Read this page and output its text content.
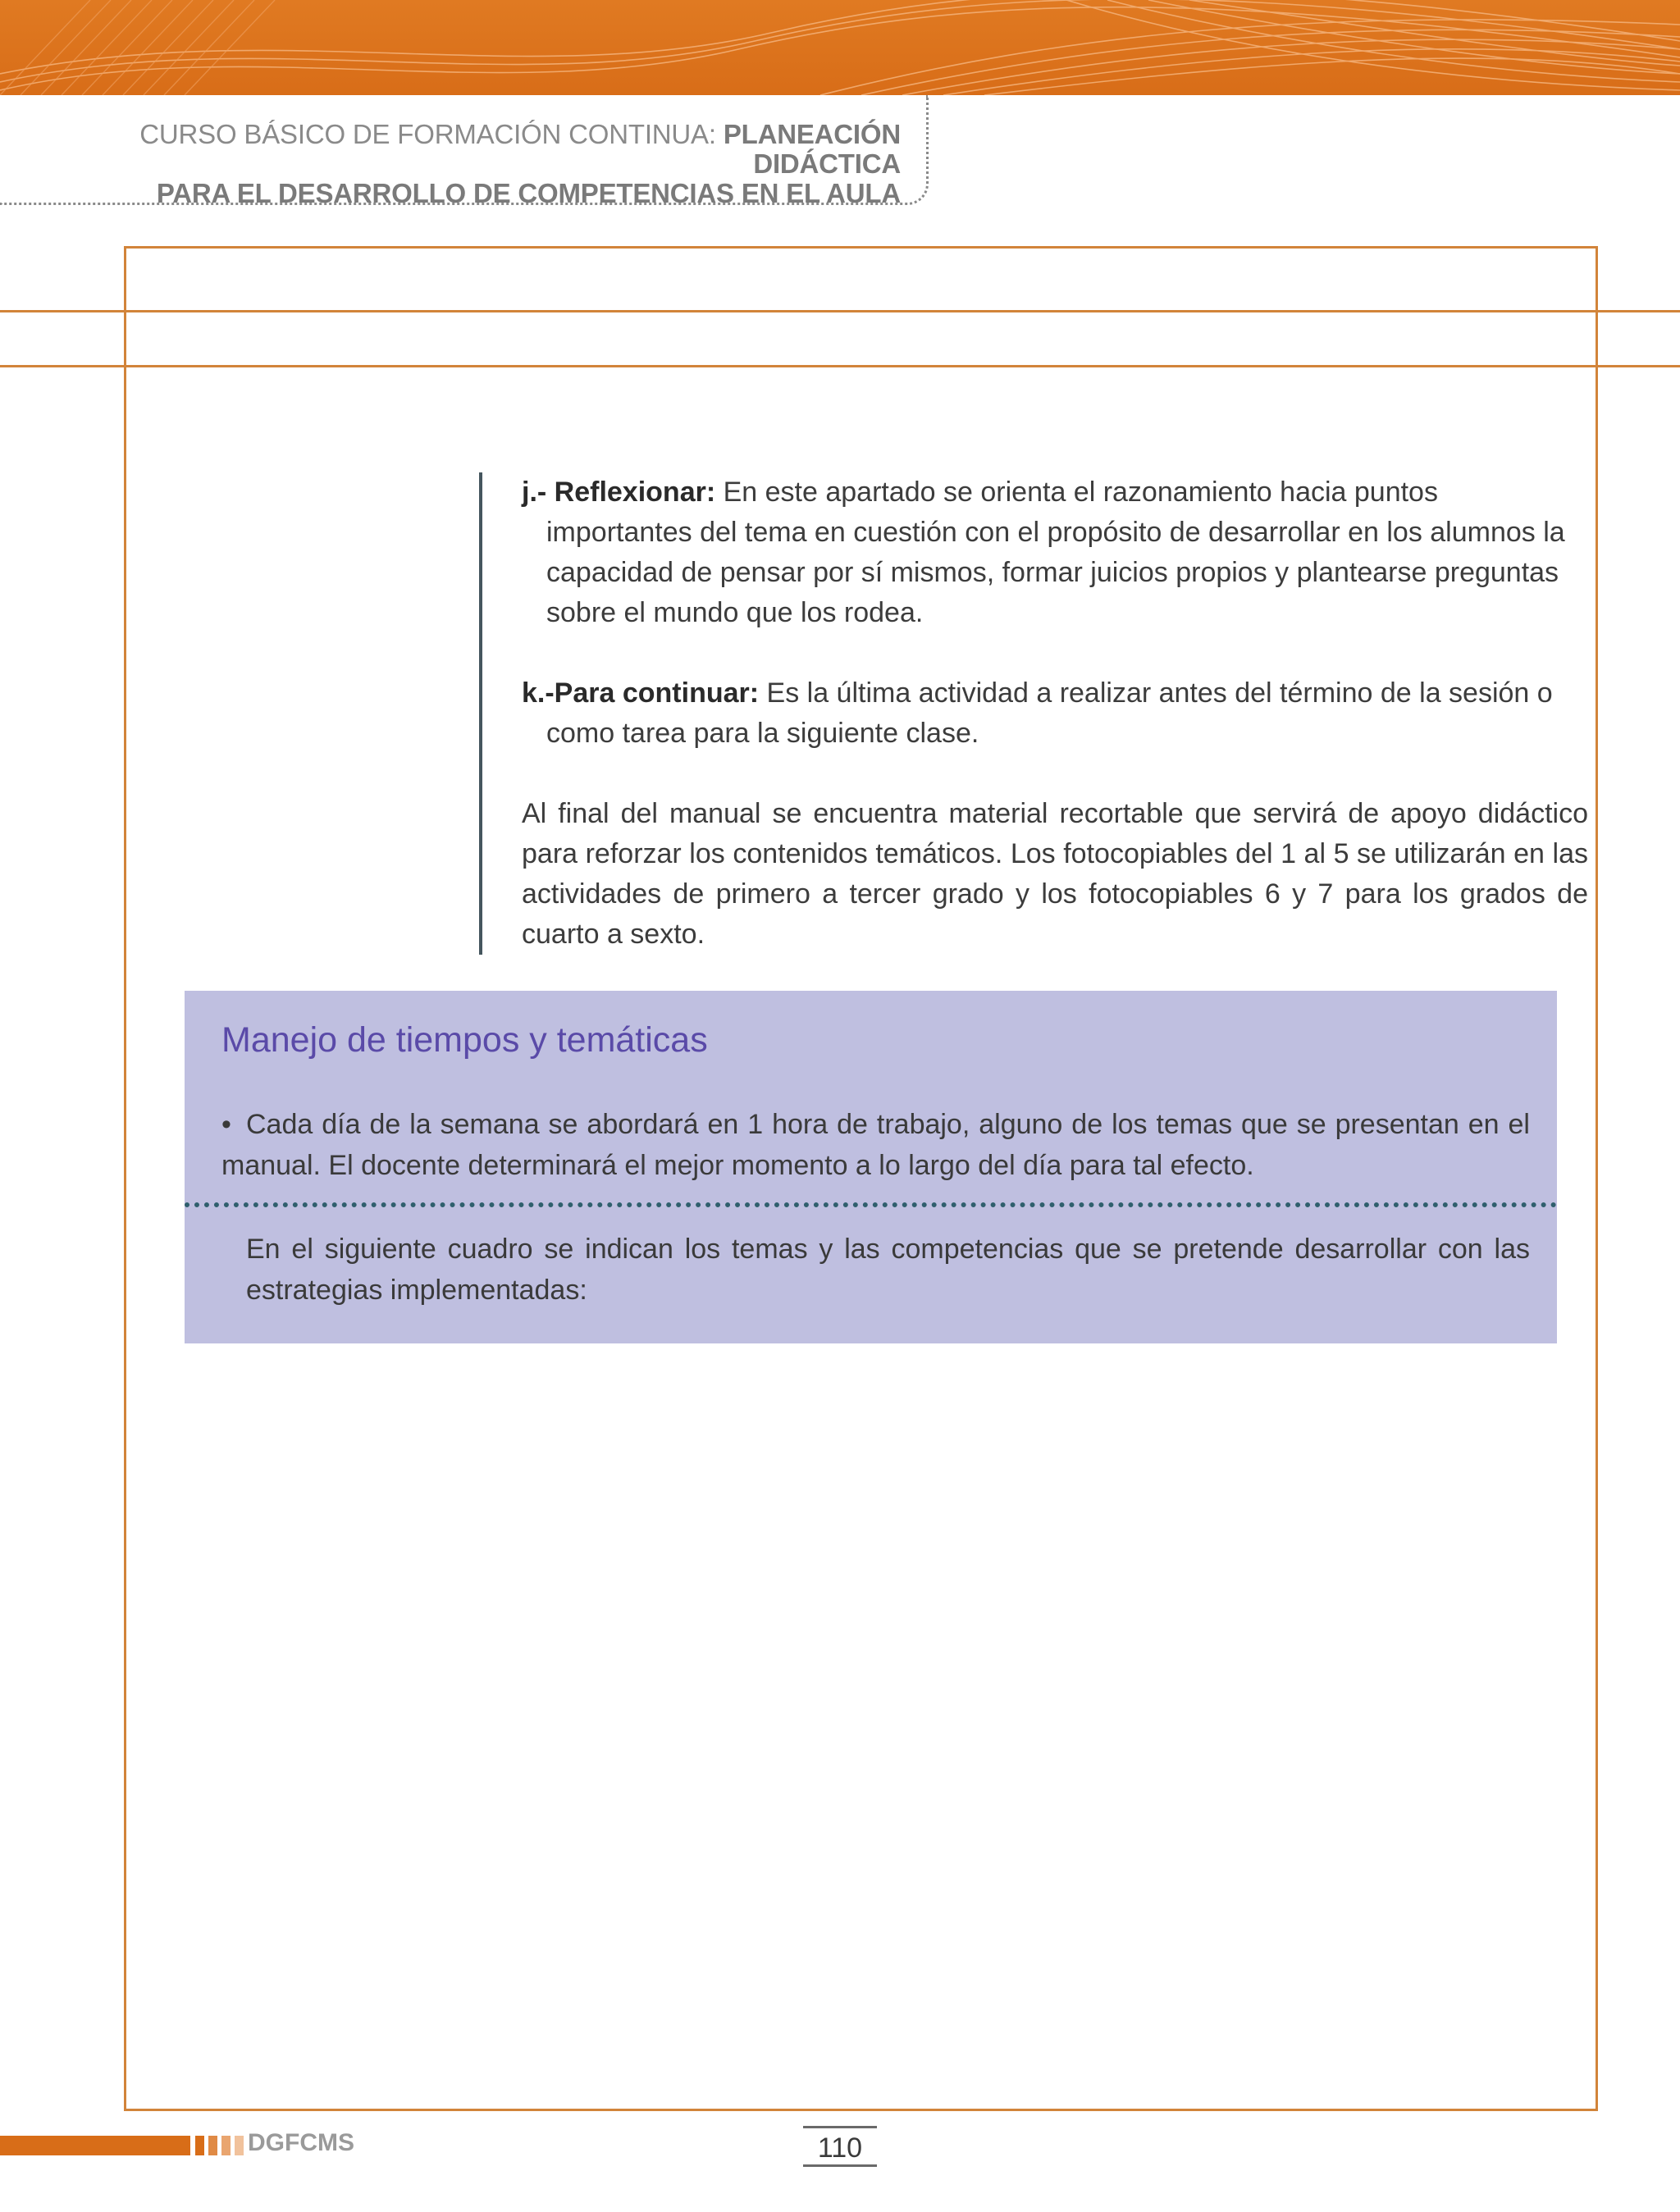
CURSO BÁSICO DE FORMACIÓN CONTINUA: PLANEACIÓN DIDÁCTICA
PARA EL DESARROLLO DE COMPETENCIAS EN EL AULA

j.- Reflexionar: En este apartado se orienta el razonamiento hacia puntos importantes del tema en cuestión con el propósito de desarrollar en los alumnos la capacidad de pensar por sí mismos, formar juicios propios y plantearse preguntas sobre el mundo que los rodea.

k.-Para continuar: Es la última actividad a realizar antes del término de la sesión o como tarea para la siguiente clase.

Al final del manual se encuentra material recortable que servirá de apoyo didáctico para reforzar los contenidos temáticos. Los fotocopiables del 1 al 5 se utilizarán en las actividades de primero a tercer grado y los fotocopiables 6 y 7 para los grados de cuarto a sexto.

Manejo de tiempos y temáticas
• Cada día de la semana se abordará en 1 hora de trabajo, alguno de los temas que se presentan en el manual. El docente determinará el mejor momento a lo largo del día para tal efecto.
En el siguiente cuadro se indican los temas y las competencias que se pretende desarrollar con las estrategias implementadas:
DGFCMS	110
